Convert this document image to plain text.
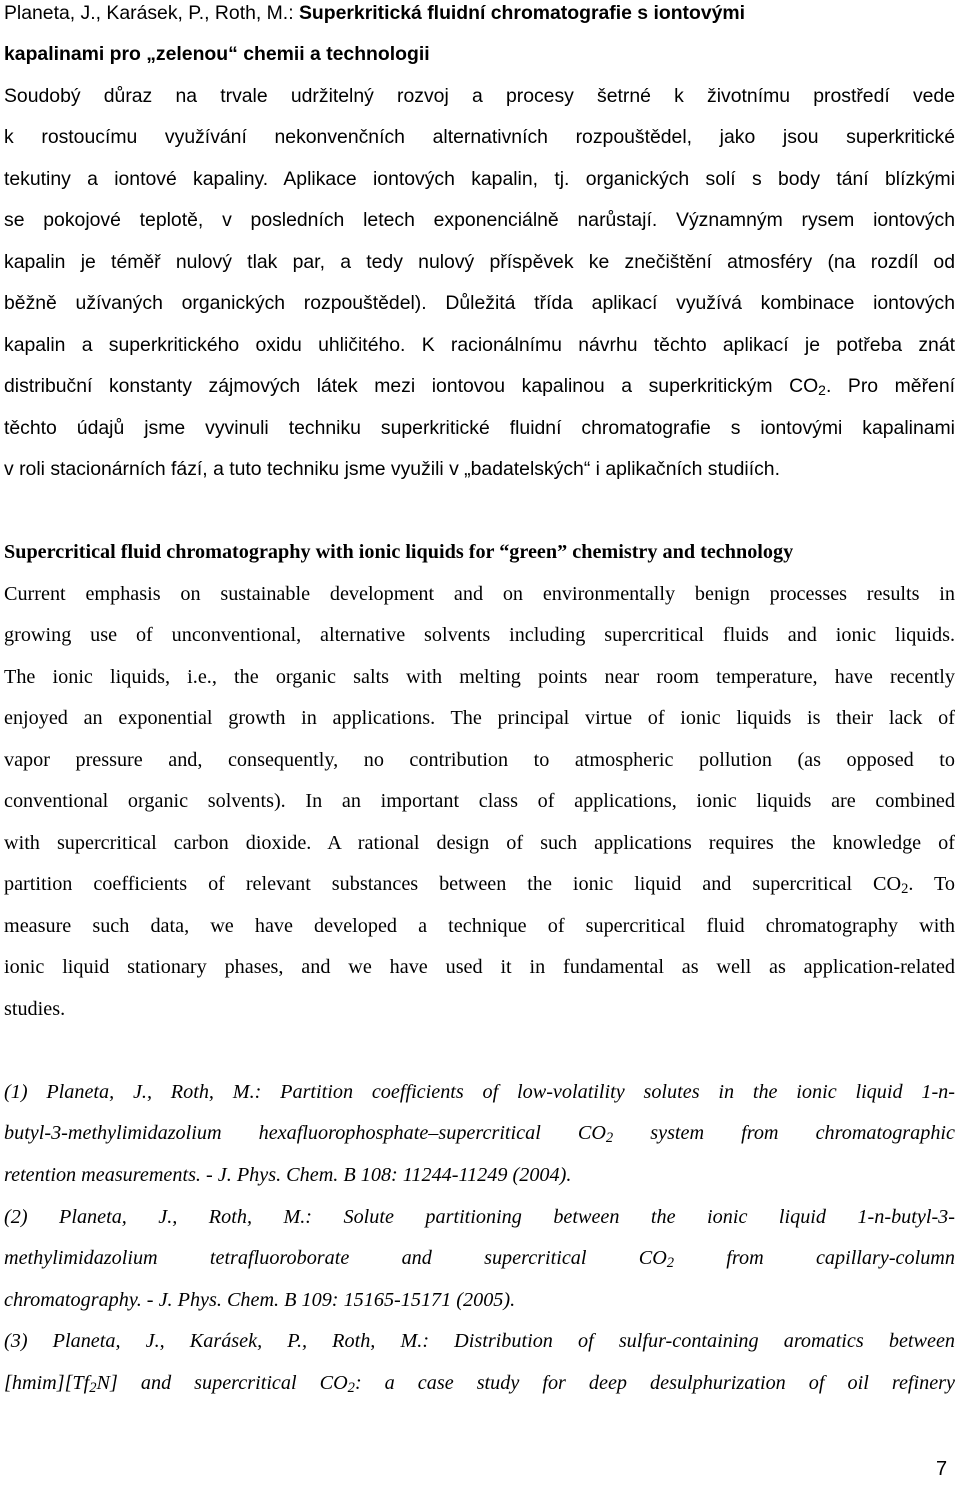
Planeta, J., Karásek, P., Roth, M.: Superkritická fluidní chromatografie s iontovými
kapalinami pro „zelenou“ chemii a technologii
Soudobý důraz na trvale udržitelný rozvoj a procesy šetrné k životnímu prostředí vede
k rostoucímu využívání nekonvenčních alternativních rozpouštědel, jako jsou superkritické
tekutiny a iontové kapaliny. Aplikace iontových kapalin, tj. organických solí s body tání blízkými
se pokojové teplotě, v posledních letech exponenciálně narůstají. Významným rysem iontových
kapalin je téměř nulový tlak par, a tedy nulový příspěvek ke znečištění atmosféry (na rozdíl od
běžně užívaných organických rozpouštědel). Důležitá třída aplikací využívá kombinace iontových
kapalin a superkritického oxidu uhličitého. K racionálnímu návrhu těchto aplikací je potřeba znát
distribuční konstanty zájmových látek mezi iontovou kapalinou a superkritickým $CO_2$. Pro měření
těchto údajů jsme vyvinuli techniku superkritické fluidní chromatografie s iontovými kapalinami
v roli stacionárních fází, a tuto techniku jsme využili v „badatelských“ i aplikačních studiích.
Supercritical fluid chromatography with ionic liquids for “green” chemistry and technology
Current emphasis on sustainable development and on environmentally benign processes results in
growing use of unconventional, alternative solvents including supercritical fluids and ionic liquids.
The ionic liquids, i.e., the organic salts with melting points near room temperature, have recently
enjoyed an exponential growth in applications. The principal virtue of ionic liquids is their lack of
vapor pressure and, consequently, no contribution to atmospheric pollution (as opposed to
conventional organic solvents). In an important class of applications, ionic liquids are combined
with supercritical carbon dioxide. A rational design of such applications requires the knowledge of
partition coefficients of relevant substances between the ionic liquid and supercritical $CO_2$. To
measure such data, we have developed a technique of supercritical fluid chromatography with
ionic liquid stationary phases, and we have used it in fundamental as well as application-related
studies.
(1) Planeta, J., Roth, M.: Partition coefficients of low-volatility solutes in the ionic liquid 1-n-
butyl-3-methylimidazolium hexafluorophosphate–supercritical $CO_2$ system from chromatographic
retention measurements. - J. Phys. Chem. B 108: 11244-11249 (2004).
(2) Planeta, J., Roth, M.: Solute partitioning between the ionic liquid 1-n-butyl-3-
methylimidazolium tetrafluoroborate and supercritical $CO_2$ from capillary-column
chromatography. - J. Phys. Chem. B 109: 15165-15171 (2005).
(3) Planeta, J., Karásek, P., Roth, M.: Distribution of sulfur-containing aromatics between
$[hmim][Tf_2N]$ and supercritical $CO_2$: a case study for deep desulphurization of oil refinery
7
